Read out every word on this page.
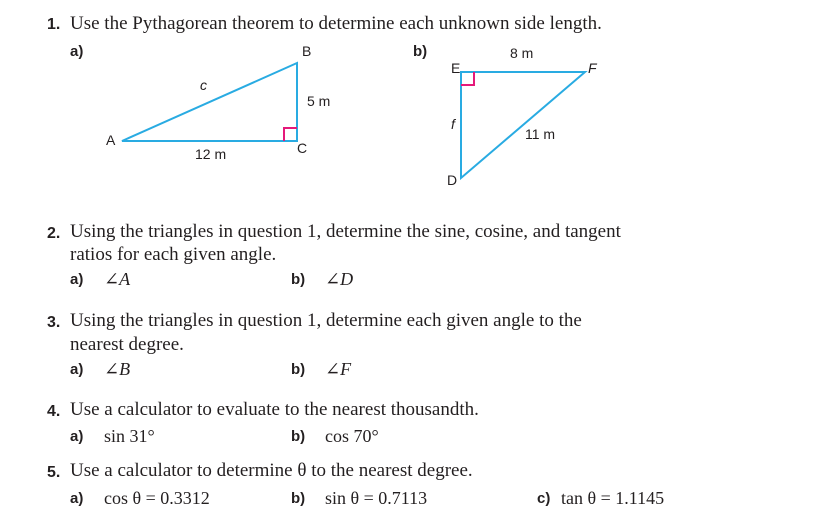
1. Use the Pythagorean theorem to determine each unknown side length.
a)	b)
B
c
5 m
A	C
12 m
8 m
E	F
f
11 m
D
2. Using the triangles in question 1, determine the sine, cosine, and tangent
ratios for each given angle.
a) ∠A	b) ∠D
3. Using the triangles in question 1, determine each given angle to the
nearest degree.
a) ∠B	b) ∠F
4. Use a calculator to evaluate to the nearest thousandth.
a) sin 31°	b) cos 70°
5. Use a calculator to determine θ to the nearest degree.
a) cos θ = 0.3312	b) sin θ = 0.7113	c) tan θ = 1.1145
